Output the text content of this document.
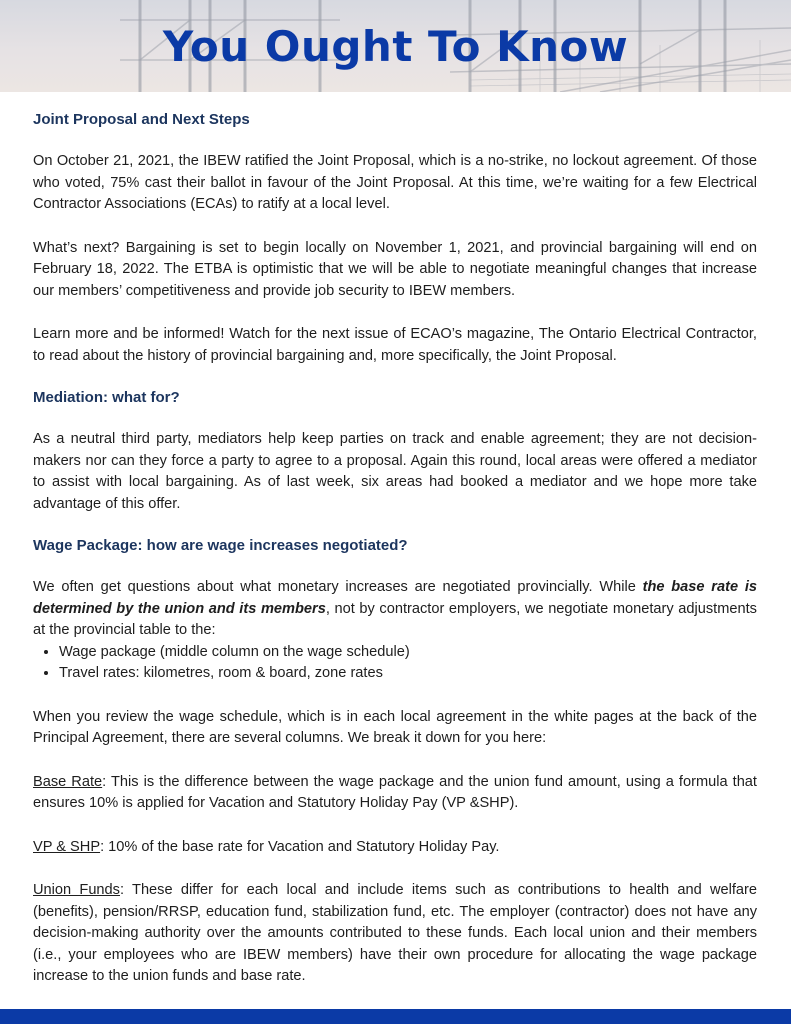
You Ought To Know
Joint Proposal and Next Steps

On October 21, 2021, the IBEW ratified the Joint Proposal, which is a no-strike, no lockout agreement. Of those who voted, 75% cast their ballot in favour of the Joint Proposal. At this time, we’re waiting for a few Electrical Contractor Associations (ECAs) to ratify at a local level.

What’s next? Bargaining is set to begin locally on November 1, 2021, and provincial bargaining will end on February 18, 2022. The ETBA is optimistic that we will be able to negotiate meaningful changes that increase our members’ competitiveness and provide job security to IBEW members.

Learn more and be informed! Watch for the next issue of ECAO’s magazine, The Ontario Electrical Contractor, to read about the history of provincial bargaining and, more specifically, the Joint Proposal.

Mediation: what for?

As a neutral third party, mediators help keep parties on track and enable agreement; they are not decision-makers nor can they force a party to agree to a proposal. Again this round, local areas were offered a mediator to assist with local bargaining. As of last week, six areas had booked a mediator and we hope more take advantage of this offer.

Wage Package: how are wage increases negotiated?

We often get questions about what monetary increases are negotiated provincially. While the base rate is determined by the union and its members, not by contractor employers, we negotiate monetary adjustments at the provincial table to the:

• Wage package (middle column on the wage schedule)
• Travel rates: kilometres, room & board, zone rates

When you review the wage schedule, which is in each local agreement in the white pages at the back of the Principal Agreement, there are several columns. We break it down for you here:

Base Rate: This is the difference between the wage package and the union fund amount, using a formula that ensures 10% is applied for Vacation and Statutory Holiday Pay (VP &SHP).

VP & SHP: 10% of the base rate for Vacation and Statutory Holiday Pay.

Union Funds: These differ for each local and include items such as contributions to health and welfare (benefits), pension/RRSP, education fund, stabilization fund, etc. The employer (contractor) does not have any decision-making authority over the amounts contributed to these funds. Each local union and their members (i.e., your employees who are IBEW members) have their own procedure for allocating the wage package increase to the union funds and base rate.
